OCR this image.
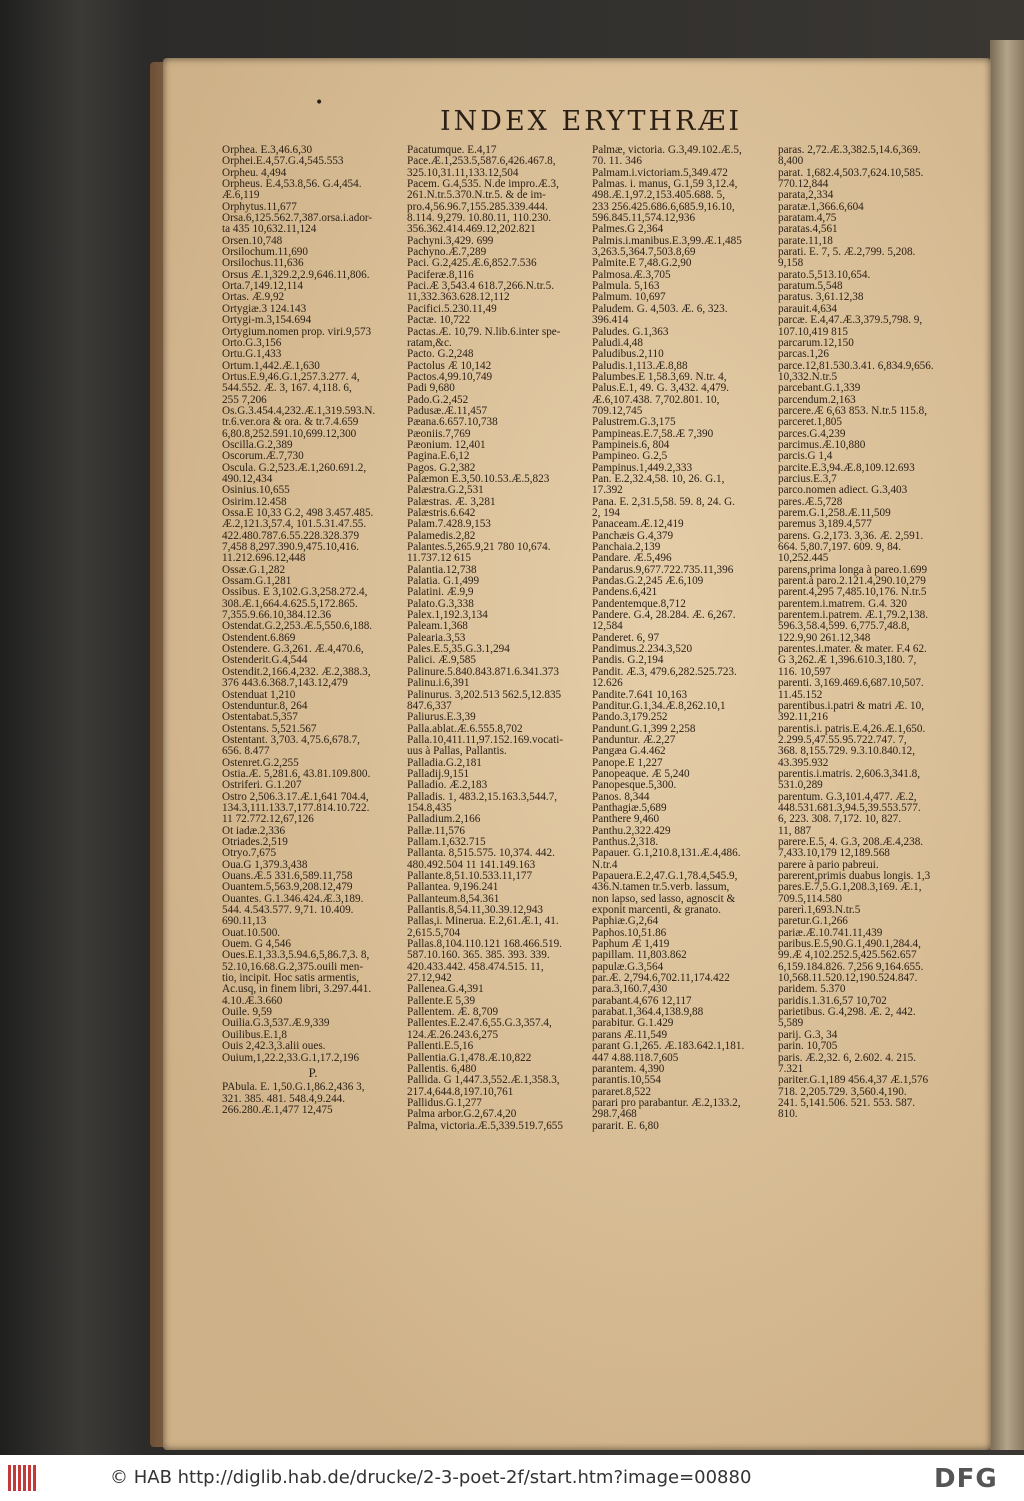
•
INDEX ERYTHRÆI
Orphea. E.3,46.6,30
Orphei.E.4,57.G.4,545.553
Orpheu. 4,494
Orpheus. E.4,53.8,56. G.4,454.
Æ.6,119
Orphytus.11,677
Orsa.6,125.562.7,387.orsa.i.ador-
ta 435 10,632.11,124
Orsen.10,748
Orsilochum.11,690
Orsilochus.11,636
Orsus Æ.1,329.2,2.9,646.11,806.
Orta.7,149.12,114
Ortas. Æ.9,92
Ortygiæ.3 124.143
Ortygi-m.3,154.694
Ortygium.nomen prop. viri.9,573
Orto.G.3,156
Ortu.G.1,433
Ortum.1,442.Æ.1,630
Ortus.E.9,46.G.1,257.3.277. 4,
544.552. Æ. 3, 167. 4,118. 6,
255 7,206
Os.G.3.454.4,232.Æ.1,319.593.N.
tr.6.ver.ora & ora. & tr.7.4.659
6,80.8,252.591.10,699.12,300
Oscilla.G.2,389
Oscorum.Æ.7,730
Oscula. G.2,523.Æ.1,260.691.2,
490.12,434
Osinius.10,655
Osirim.12.458
Ossa.E 10,33 G.2, 498 3.457.485.
Æ.2,121.3,57.4, 101.5.31.47.55.
422.480.787.6.55.228.328.379
7,458 8,297.390.9,475.10,416.
11.212.696.12,448
Ossæ.G.1,282
Ossam.G.1,281
Ossibus. E 3,102.G.3,258.272.4,
308.Æ.1,664.4.625.5,172.865.
7,355.9.66.10,384.12.36
Ostendat.G.2,253.Æ.5,550.6,188.
Ostendent.6.869
Ostendere. G.3,261. Æ.4,470.6,
Ostenderit.G.4,544
Ostendit.2,166.4,232. Æ.2,388.3,
376 443.6.368.7,143.12,479
Ostenduat 1,210
Ostenduntur.8, 264
Ostentabat.5,357
Ostentans. 5,521.567
Ostentant. 3,703. 4,75.6,678.7,
656. 8.477
Ostenret.G.2,255
Ostia.Æ. 5,281.6, 43.81.109.800.
Ostriferi. G.1.207
Ostro 2,506.3.17.Æ.1,641 704.4,
134.3,111.133.7,177.814.10.722.
11 72.772.12,67,126
Ot iadæ.2,336
Otriades.2,519
Otryo.7,675
Oua.G 1,379.3,438
Ouans.Æ.5 331.6,589.11,758
Ouantem.5,563.9,208.12,479
Ouantes. G.1.346.424.Æ.3,189.
544. 4.543.577. 9,71. 10.409.
690.11,13
Ouat.10.500.
Ouem. G 4,546
Oues.E.1,33.3,5.94.6,5,86.7,3. 8,
52.10,16.68.G.2,375.ouili men-
tio, incipit. Hoc satis armentis,
Ac.usq, in finem libri, 3.297.441.
4.10.Æ.3.660
Ouile. 9,59
Ouilia.G.3,537.Æ.9,339
Ouilibus.E.1,8
Ouis 2,42.3,3.alii oues.
Ouium,1,22.2,33.G.1,17.2,196
P.
PAbula. E. 1,50.G.1,86.2,436 3,
321. 385. 481. 548.4,9.244.
266.280.Æ.1,477 12,475
Pacatumque. E.4,17
Pace.Æ.1,253.5,587.6,426.467.8,
325.10,31.11,133.12,504
Pacem. G.4,535. N.de impro.Æ.3,
261.N.tr.5.370.N.tr.5. & de im-
pro.4,56.96.7,155.285.339.444.
8.114. 9,279. 10.80.11, 110.230.
356.362.414.469.12,202.821
Pachyni.3,429. 699
Pachyno.Æ.7,289
Paci. G.2,425.Æ.6,852.7.536
Paciferæ.8,116
Paci.Æ 3,543.4 618.7,266.N.tr.5.
11,332.363.628.12,112
Pacifici.5.230.11,49
Pactæ. 10,722
Pactas.Æ. 10,79. N.lib.6.inter spe-
ratam,&c.
Pacto. G.2,248
Pactolus Æ 10,142
Pactos.4,99.10,749
Padi 9,680
Pado.G.2,452
Padusæ.Æ.11,457
Pæana.6.657.10,738
Pæoniis.7,769
Pæonium. 12,401
Pagina.E.6,12
Pagos. G.2,382
Palæmon E.3,50.10.53.Æ.5,823
Palæstra.G.2,531
Palæstras. Æ. 3,281
Palæstris.6.642
Palam.7.428.9,153
Palamedis.2,82
Palantes.5,265.9,21 780 10,674.
11.737.12 615
Palantia.12,738
Palatia. G.1,499
Palatini. Æ.9,9
Palato.G.3,338
Palex.1,192.3,134
Paleam.1,368
Palearia.3,53
Pales.E.5,35.G.3.1,294
Palici. Æ.9,585
Palinure.5.840.843.871.6.341.373
Palinu.i.6,391
Palinurus. 3,202.513 562.5,12.835
847.6,337
Paliurus.E.3,39
Palla.ablat.Æ.6.555.8,702
Palla.10,411.11,97.152.169.vocati-
uus à Pallas, Pallantis.
Palladia.G.2,181
Palladij.9,151
Palladio. Æ.2,183
Palladis. 1, 483.2,15.163.3,544.7,
154.8,435
Palladium.2,166
Pallæ.11,576
Pallam.1,632.715
Pallanta. 8,515.575. 10,374. 442.
480.492.504 11 141.149.163
Pallante.8,51.10.533.11,177
Pallantea. 9,196.241
Pallanteum.8,54.361
Pallantis.8,54.11,30.39.12,943
Pallas,i. Minerua. E.2,61.Æ.1, 41.
2,615.5,704
Pallas.8,104.110.121 168.466.519.
587.10.160. 365. 385. 393. 339.
420.433.442. 458.474.515. 11,
27.12,942
Pallenea.G.4,391
Pallente.E 5,39
Pallentem. Æ. 8,709
Pallentes.E.2.47.6,55.G.3,357.4,
124.Æ.26.243.6,275
Pallenti.E.5,16
Pallentia.G.1,478.Æ.10,822
Pallentis. 6,480
Pallida. G 1,447.3,552.Æ.1,358.3,
217.4,644.8,197.10,761
Pallidus.G.1,277
Palma arbor.G.2,67.4,20
Palma, victoria.Æ.5,339.519.7,655
Palmæ, victoria. G.3,49.102.Æ.5,
70. 11. 346
Palmam.i.victoriam.5,349.472
Palmas. i. manus, G.1,59 3,12.4,
498.Æ.1,97.2,153.405.688. 5,
233 256.425.686.6,685.9,16.10,
596.845.11,574.12,936
Palmes.G 2,364
Palmis.i.manibus.E.3,99.Æ.1,485
3,263.5,364.7,503.8,69
Palmite.E 7,48.G.2,90
Palmosa.Æ.3,705
Palmula. 5,163
Palmum. 10,697
Paludem. G. 4,503. Æ. 6, 323.
396.414
Paludes. G.1,363
Paludi.4,48
Paludibus.2,110
Paludis.1,113.Æ.8,88
Palumbes.E 1,58.3,69. N.tr. 4,
Palus.E.1, 49. G. 3,432. 4,479.
Æ.6,107.438. 7,702.801. 10,
709.12,745
Palustrem.G.3,175
Pampineas.E.7,58.Æ 7,390
Pampineis.6, 804
Pampineo. G.2,5
Pampinus.1,449.2,333
Pan. E.2,32.4,58. 10, 26. G.1,
17.392
Pana. E. 2,31.5,58. 59. 8, 24. G.
2, 194
Panaceam.Æ.12,419
Panchæis G.4,379
Panchaia.2,139
Pandare. Æ.5,496
Pandarus.9,677.722.735.11,396
Pandas.G.2,245 Æ.6,109
Pandens.6,421
Pandentemque.8,712
Pandere. G.4, 28.284. Æ. 6,267.
12,584
Panderet. 6, 97
Pandimus.2.234.3,520
Pandis. G.2,194
Pandit. Æ.3, 479.6,282.525.723.
12.626
Pandite.7.641 10,163
Panditur.G.1,34.Æ.8,262.10,1
Pando.3,179.252
Pandunt.G.1,399 2,258
Panduntur. Æ.2,27
Pangæa G.4.462
Panope.E 1,227
Panopeaque. Æ 5,240
Panopesque.5,300.
Panos. 8,344
Panthagiæ.5,689
Panthere 9,460
Panthu.2,322.429
Panthus.2,318.
Papauer. G.1,210.8,131.Æ.4,486.
N.tr.4
Papauera.E.2,47.G.1,78.4,545.9,
436.N.tamen tr.5.verb. lassum,
non lapso, sed lasso, agnoscit &
exponit marcenti, & granato.
Paphiæ.G,2,64
Paphos.10,51.86
Paphum Æ 1,419
papillam. 11,803.862
papulæ.G.3,564
par.Æ. 2,794.6,702.11,174.422
para.3,160.7,430
parabant.4,676 12,117
parabat.1,364.4,138.9,88
parabitur. G.1.429
parans Æ.11,549
parant G.1,265. Æ.183.642.1,181.
447 4.88.118.7,605
parantem. 4,390
parantis.10,554
pararet.8,522
parari pro parabantur. Æ.2,133.2,
298.7,468
pararit. E. 6,80
paras. 2,72.Æ.3,382.5,14.6,369.
8,400
parat. 1,682.4,503.7,624.10,585.
770.12,844
parata,2,334
paratæ.1,366.6,604
paratam.4,75
paratas.4,561
parate.11,18
parati. E. 7, 5. Æ.2,799. 5,208.
9,158
parato.5,513.10,654.
paratum.5,548
paratus. 3,61.12,38
parauit.4,634
parcæ. E.4,47.Æ.3,379.5,798. 9,
107.10,419 815
parcarum.12,150
parcas.1,26
parce.12,81.530.3.41. 6,834.9,656.
10,332.N.tr.5
parcebant.G.1,339
parcendum.2,163
parcere.Æ 6,63 853. N.tr.5 115.8,
parceret.1,805
parces.G.4,239
parcimus.Æ.10,880
parcis.G 1,4
parcite.E.3,94.Æ.8,109.12.693
parcius.E.3,7
parco.nomen adiect. G.3,403
pares.Æ.5,728
parem.G.1,258.Æ.11,509
paremus 3,189.4,577
parens. G.2,173. 3,36. Æ. 2,591.
664. 5,80.7,197. 609. 9, 84.
10,252.445
parens,prima longa à pareo.1.699
parent.à paro.2.121.4,290.10,279
parent.4,295 7,485.10,176. N.tr.5
parentem.i.matrem. G.4. 320
parentem.i.patrem. Æ.1,79.2,138.
596.3,58.4,599. 6,775.7,48.8,
122.9,90 261.12,348
parentes.i.mater. & mater. F.4 62.
G 3,262.Æ 1,396.610.3,180. 7,
116. 10,597
parenti. 3,169.469.6,687.10,507.
11.45.152
parentibus.i.patri & matri Æ. 10,
392.11,216
parentis.i. patris.E.4,26.Æ.1,650.
2.299.5,47.55.95.722.747. 7,
368. 8,155.729. 9.3.10.840.12,
43.395.932
parentis.i.matris. 2,606.3,341.8,
531.0,289
parentum. G.3,101.4,477. Æ.2,
448.531.681.3,94.5,39.553.577.
6, 223. 308. 7,172. 10, 827.
11, 887
parere.E.5, 4. G.3, 208.Æ.4,238.
7,433.10,179 12,189.568
parere à pario pabreui.
parerent,primis duabus longis. 1,3
pares.E.7,5.G.1,208.3,169. Æ.1,
709.5,114.580
parerì.1,693.N.tr.5
paretur.G.1,266
pariæ.Æ.10.741.11,439
paribus.E.5,90.G.1,490.1,284.4,
99.Æ 4,102.252.5,425.562.657
6,159.184.826. 7,256 9,164.655.
10,568.11.520.12,190.524.847.
paridem. 5.370
paridis.1.31.6,57 10,702
parietibus. G.4,298. Æ. 2, 442.
5,589
parij. G.3, 34
parin. 10,705
paris. Æ.2,32. 6, 2.602. 4. 215.
7.321
pariter.G.1,189 456.4,37 Æ.1,576
718. 2,205.729. 3,560.4,190.
241. 5,141.506. 521. 553. 587.
810.
© HAB http://diglib.hab.de/drucke/2-3-poet-2f/start.htm?image=00880	DFG
